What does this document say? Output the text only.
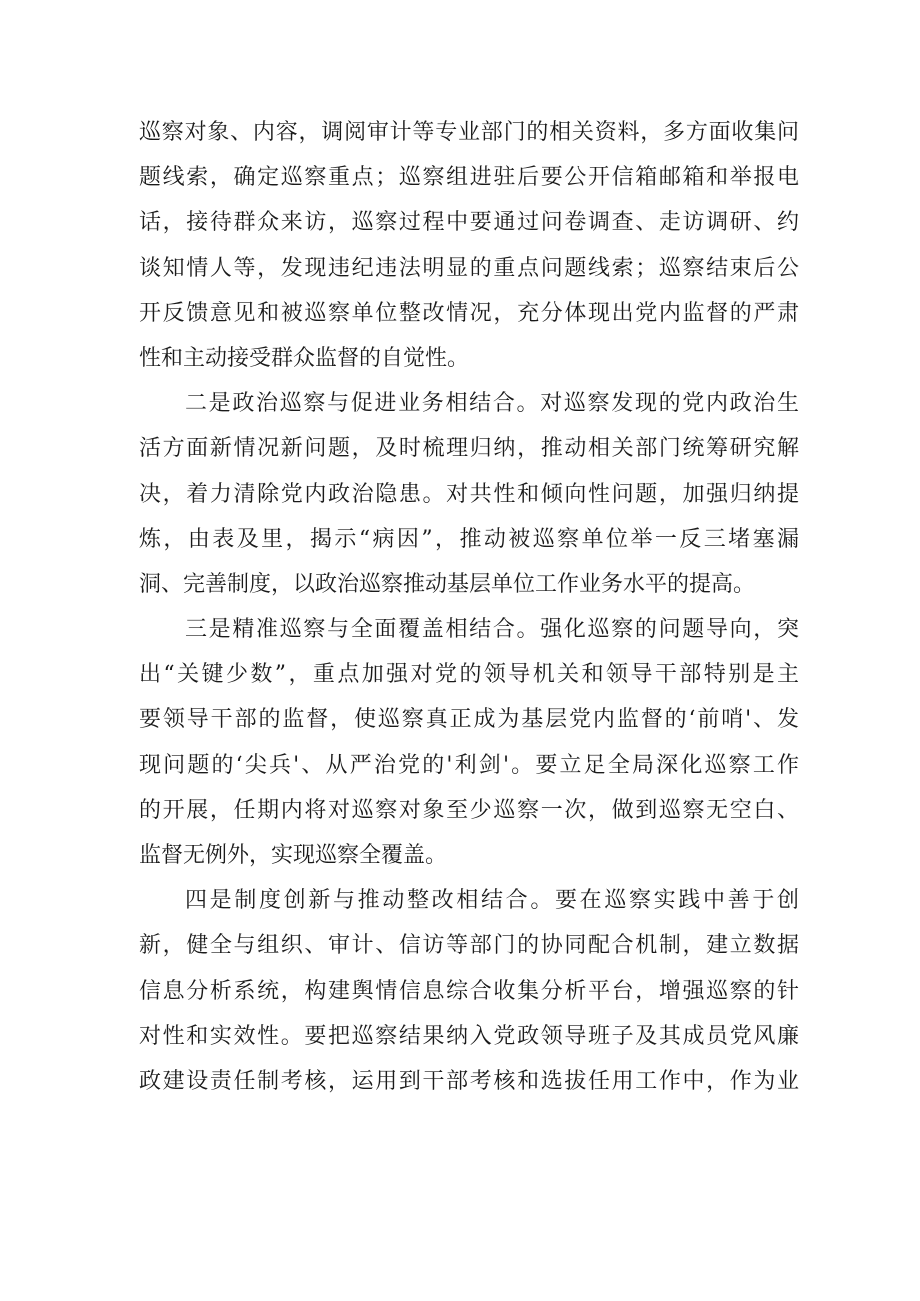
巡察对象、内容，调阅审计等专业部门的相关资料，多方面收集问
题线索，确定巡察重点；巡察组进驻后要公开信箱邮箱和举报电
话，接待群众来访，巡察过程中要通过问卷调查、走访调研、约
谈知情人等，发现违纪违法明显的重点问题线索；巡察结束后公
开反馈意见和被巡察单位整改情况，充分体现出党内监督的严肃
性和主动接受群众监督的自觉性。
二是政治巡察与促进业务相结合。对巡察发现的党内政治生
活方面新情况新问题，及时梳理归纳，推动相关部门统筹研究解
决，着力清除党内政治隐患。对共性和倾向性问题，加强归纳提
炼，由表及里，揭示“病因”，推动被巡察单位举一反三堵塞漏
洞、完善制度，以政治巡察推动基层单位工作业务水平的提高。
三是精准巡察与全面覆盖相结合。强化巡察的问题导向，突
出“关键少数”，重点加强对党的领导机关和领导干部特别是主
要领导干部的监督，使巡察真正成为基层党内监督的‘前哨'、发
现问题的‘尖兵'、从严治党的'利剑'。要立足全局深化巡察工作
的开展，任期内将对巡察对象至少巡察一次，做到巡察无空白、
监督无例外，实现巡察全覆盖。
四是制度创新与推动整改相结合。要在巡察实践中善于创
新，健全与组织、审计、信访等部门的协同配合机制，建立数据
信息分析系统，构建舆情信息综合收集分析平台，增强巡察的针
对性和实效性。要把巡察结果纳入党政领导班子及其成员党风廉
政建设责任制考核，运用到干部考核和选拔任用工作中，作为业
